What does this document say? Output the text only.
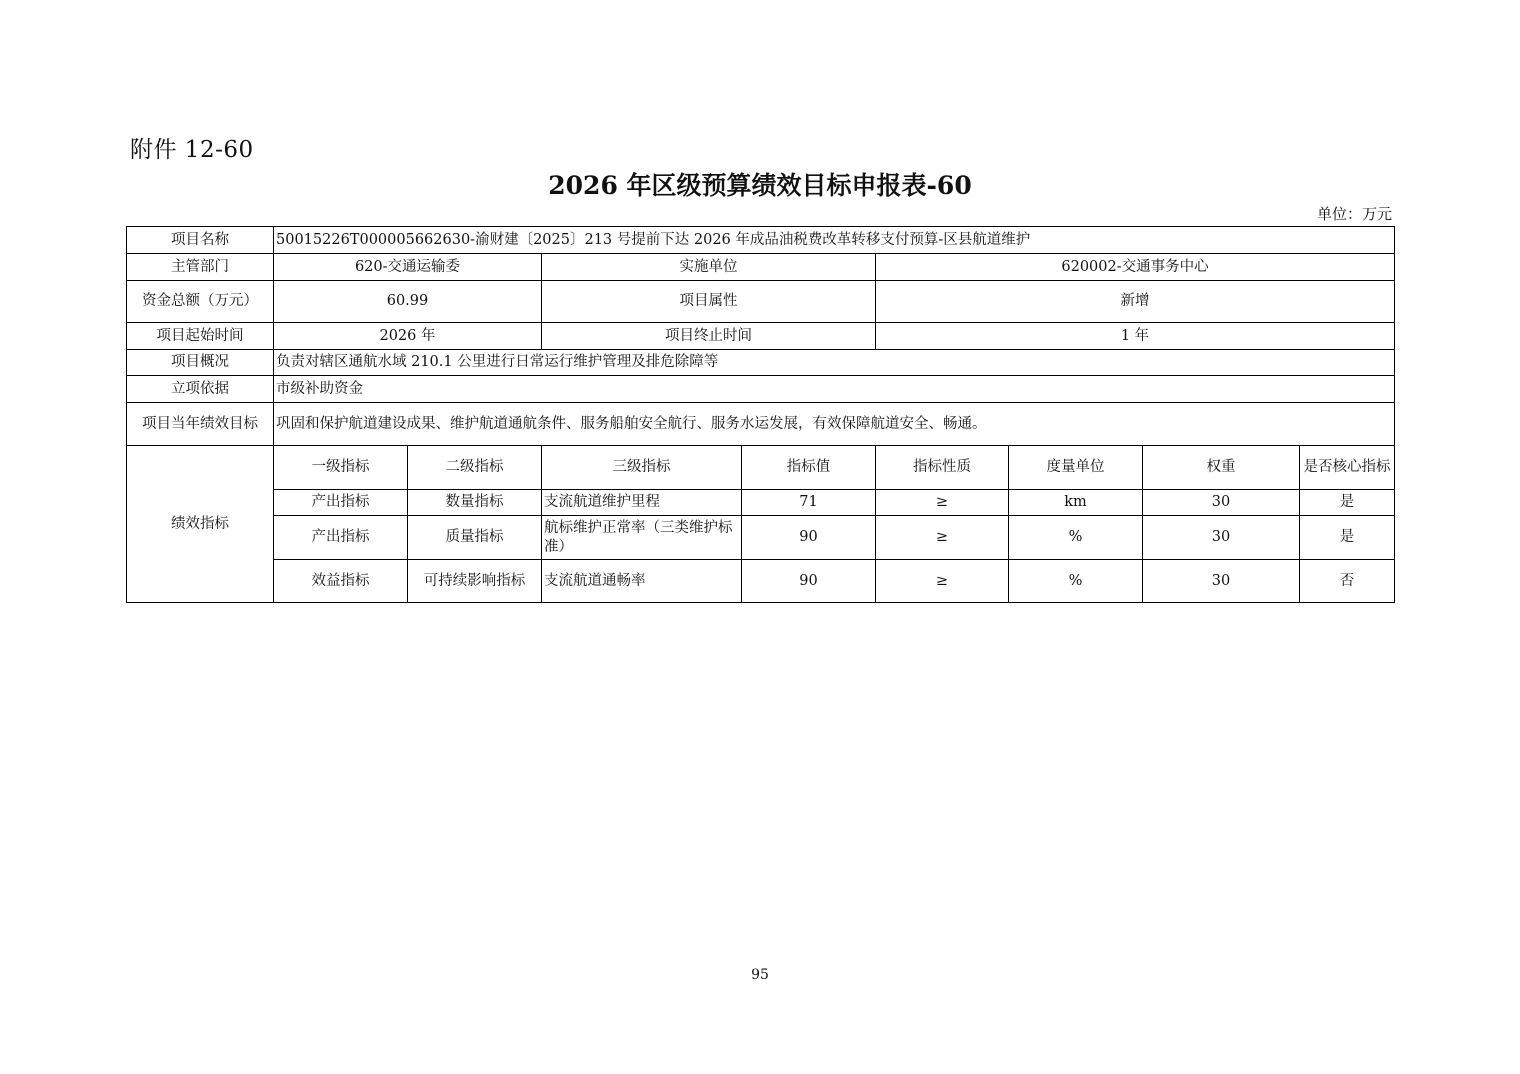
附件 12-60
2026 年区级预算绩效目标申报表-60
单位：万元
项目名称	50015226T000005662630-渝财建〔2025〕213 号提前下达 2026 年成品油税费改革转移支付预算-区县航道维护							
主管部门	620-交通运输委		实施单位		620002-交通事务中心			
资金总额（万元）	60.99		项目属性		新增			
项目起始时间	2026 年		项目终止时间		1 年			
项目概况	负责对辖区通航水域 210.1 公里进行日常运行维护管理及排危除障等							
立项依据	市级补助资金							
项目当年绩效目标	巩固和保护航道建设成果、维护航道通航条件、服务船舶安全航行、服务水运发展，有效保障航道安全、畅通。							
绩效指标	一级指标	二级指标	三级指标	指标值	指标性质	度量单位	权重	是否核心指标
	产出指标	数量指标	支流航道维护里程	71	≥	km	30	是
	产出指标	质量指标	航标维护正常率（三类维护标准）	90	≥	%	30	是
	效益指标	可持续影响指标	支流航道通畅率	90	≥	%	30	否
95
